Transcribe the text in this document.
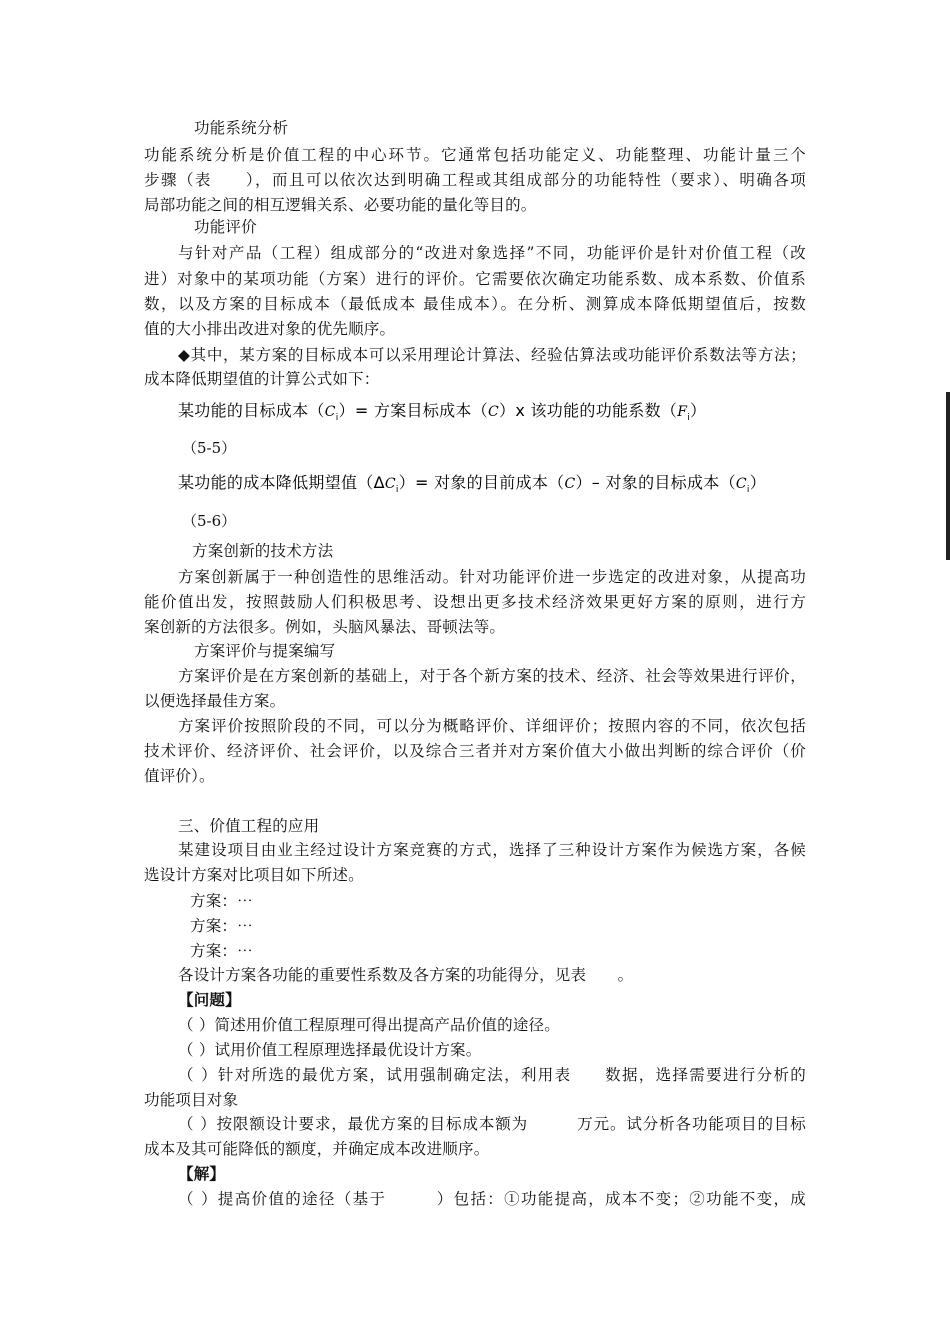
功能系统分析
功能系统分析是价值工程的中心环节。它通常包括功能定义、功能整理、功能计量三个
步骤（表　　），而且可以依次达到明确工程或其组成部分的功能特性（要求）、明确各项
局部功能之间的相互逻辑关系、必要功能的量化等目的。
功能评价
与针对产品（工程）组成部分的“改进对象选择”不同，功能评价是针对价值工程（改
进）对象中的某项功能（方案）进行的评价。它需要依次确定功能系数、成本系数、价值系
数，以及方案的目标成本（最低成本 最佳成本）。在分析、测算成本降低期望值后，按数
值的大小排出改进对象的优先顺序。
◆其中，某方案的目标成本可以采用理论计算法、经验估算法或功能评价系数法等方法；
成本降低期望值的计算公式如下：
某功能的目标成本$(C_i)=$ 方案目标成本（C）x 该功能的功能系数$(F_i)$
（5-5）
某功能的成本降低期望值$(\Delta C_i)=$ 对象的目前成本（C）– 对象的目标成本$(C_i)$
（5-6）
方案创新的技术方法
方案创新属于一种创造性的思维活动。针对功能评价进一步选定的改进对象，从提高功
能价值出发，按照鼓励人们积极思考、设想出更多技术经济效果更好方案的原则，进行方
案创新的方法很多。例如，头脑风暴法、哥顿法等。
方案评价与提案编写
方案评价是在方案创新的基础上，对于各个新方案的技术、经济、社会等效果进行评价，
以便选择最佳方案。
方案评价按照阶段的不同，可以分为概略评价、详细评价；按照内容的不同，依次包括
技术评价、经济评价、社会评价，以及综合三者并对方案价值大小做出判断的综合评价（价
值评价）。
三、价值工程的应用
某建设项目由业主经过设计方案竞赛的方式，选择了三种设计方案作为候选方案，各候
选设计方案对比项目如下所述。
方案：⋯
方案：⋯
方案：⋯
各设计方案各功能的重要性系数及各方案的功能得分，见表　　。
【问题】
（ ）简述用价值工程原理可得出提高产品价值的途径。
（ ）试用价值工程原理选择最优设计方案。
（ ）针对所选的最优方案，试用强制确定法，利用表　　数据，选择需要进行分析的
功能项目对象
（ ）按限额设计要求，最优方案的目标成本额为　　　万元。试分析各功能项目的目标
成本及其可能降低的额度，并确定成本改进顺序。
【解】
（ ）提高价值的途径（基于　　　）包括：①功能提高，成本不变；②功能不变，成
